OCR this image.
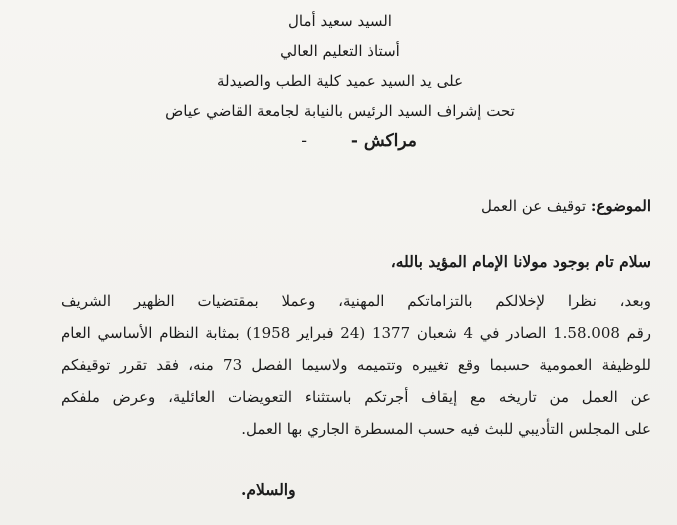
السيد سعيد أمال
أستاذ التعليم العالي
على يد السيد عميد كلية الطب والصيدلة
تحت إشراف السيد الرئيس بالنيابة لجامعة القاضي عياض
مراكش - -
الموضوع: توقيف عن العمل
سلام تام بوجود مولانا الإمام المؤيد بالله،
وبعد، نظرا لإخلالكم بالتزاماتكم المهنية، وعملا بمقتضيات الظهير الشريف
رقم 1.58.008 الصادر في 4 شعبان 1377 (24 فبراير 1958) بمثابة النظام الأساسي العام
للوظيفة العمومية حسبما وقع تغييره وتتميمه ولاسيما الفصل 73 منه، فقد تقرر توقيفكم
عن العمل من تاريخه مع إيقاف أجرتكم باستثناء التعويضات العائلية، وعرض ملفكم
على المجلس التأديبي للبث فيه حسب المسطرة الجاري بها العمل.
والسلام.
